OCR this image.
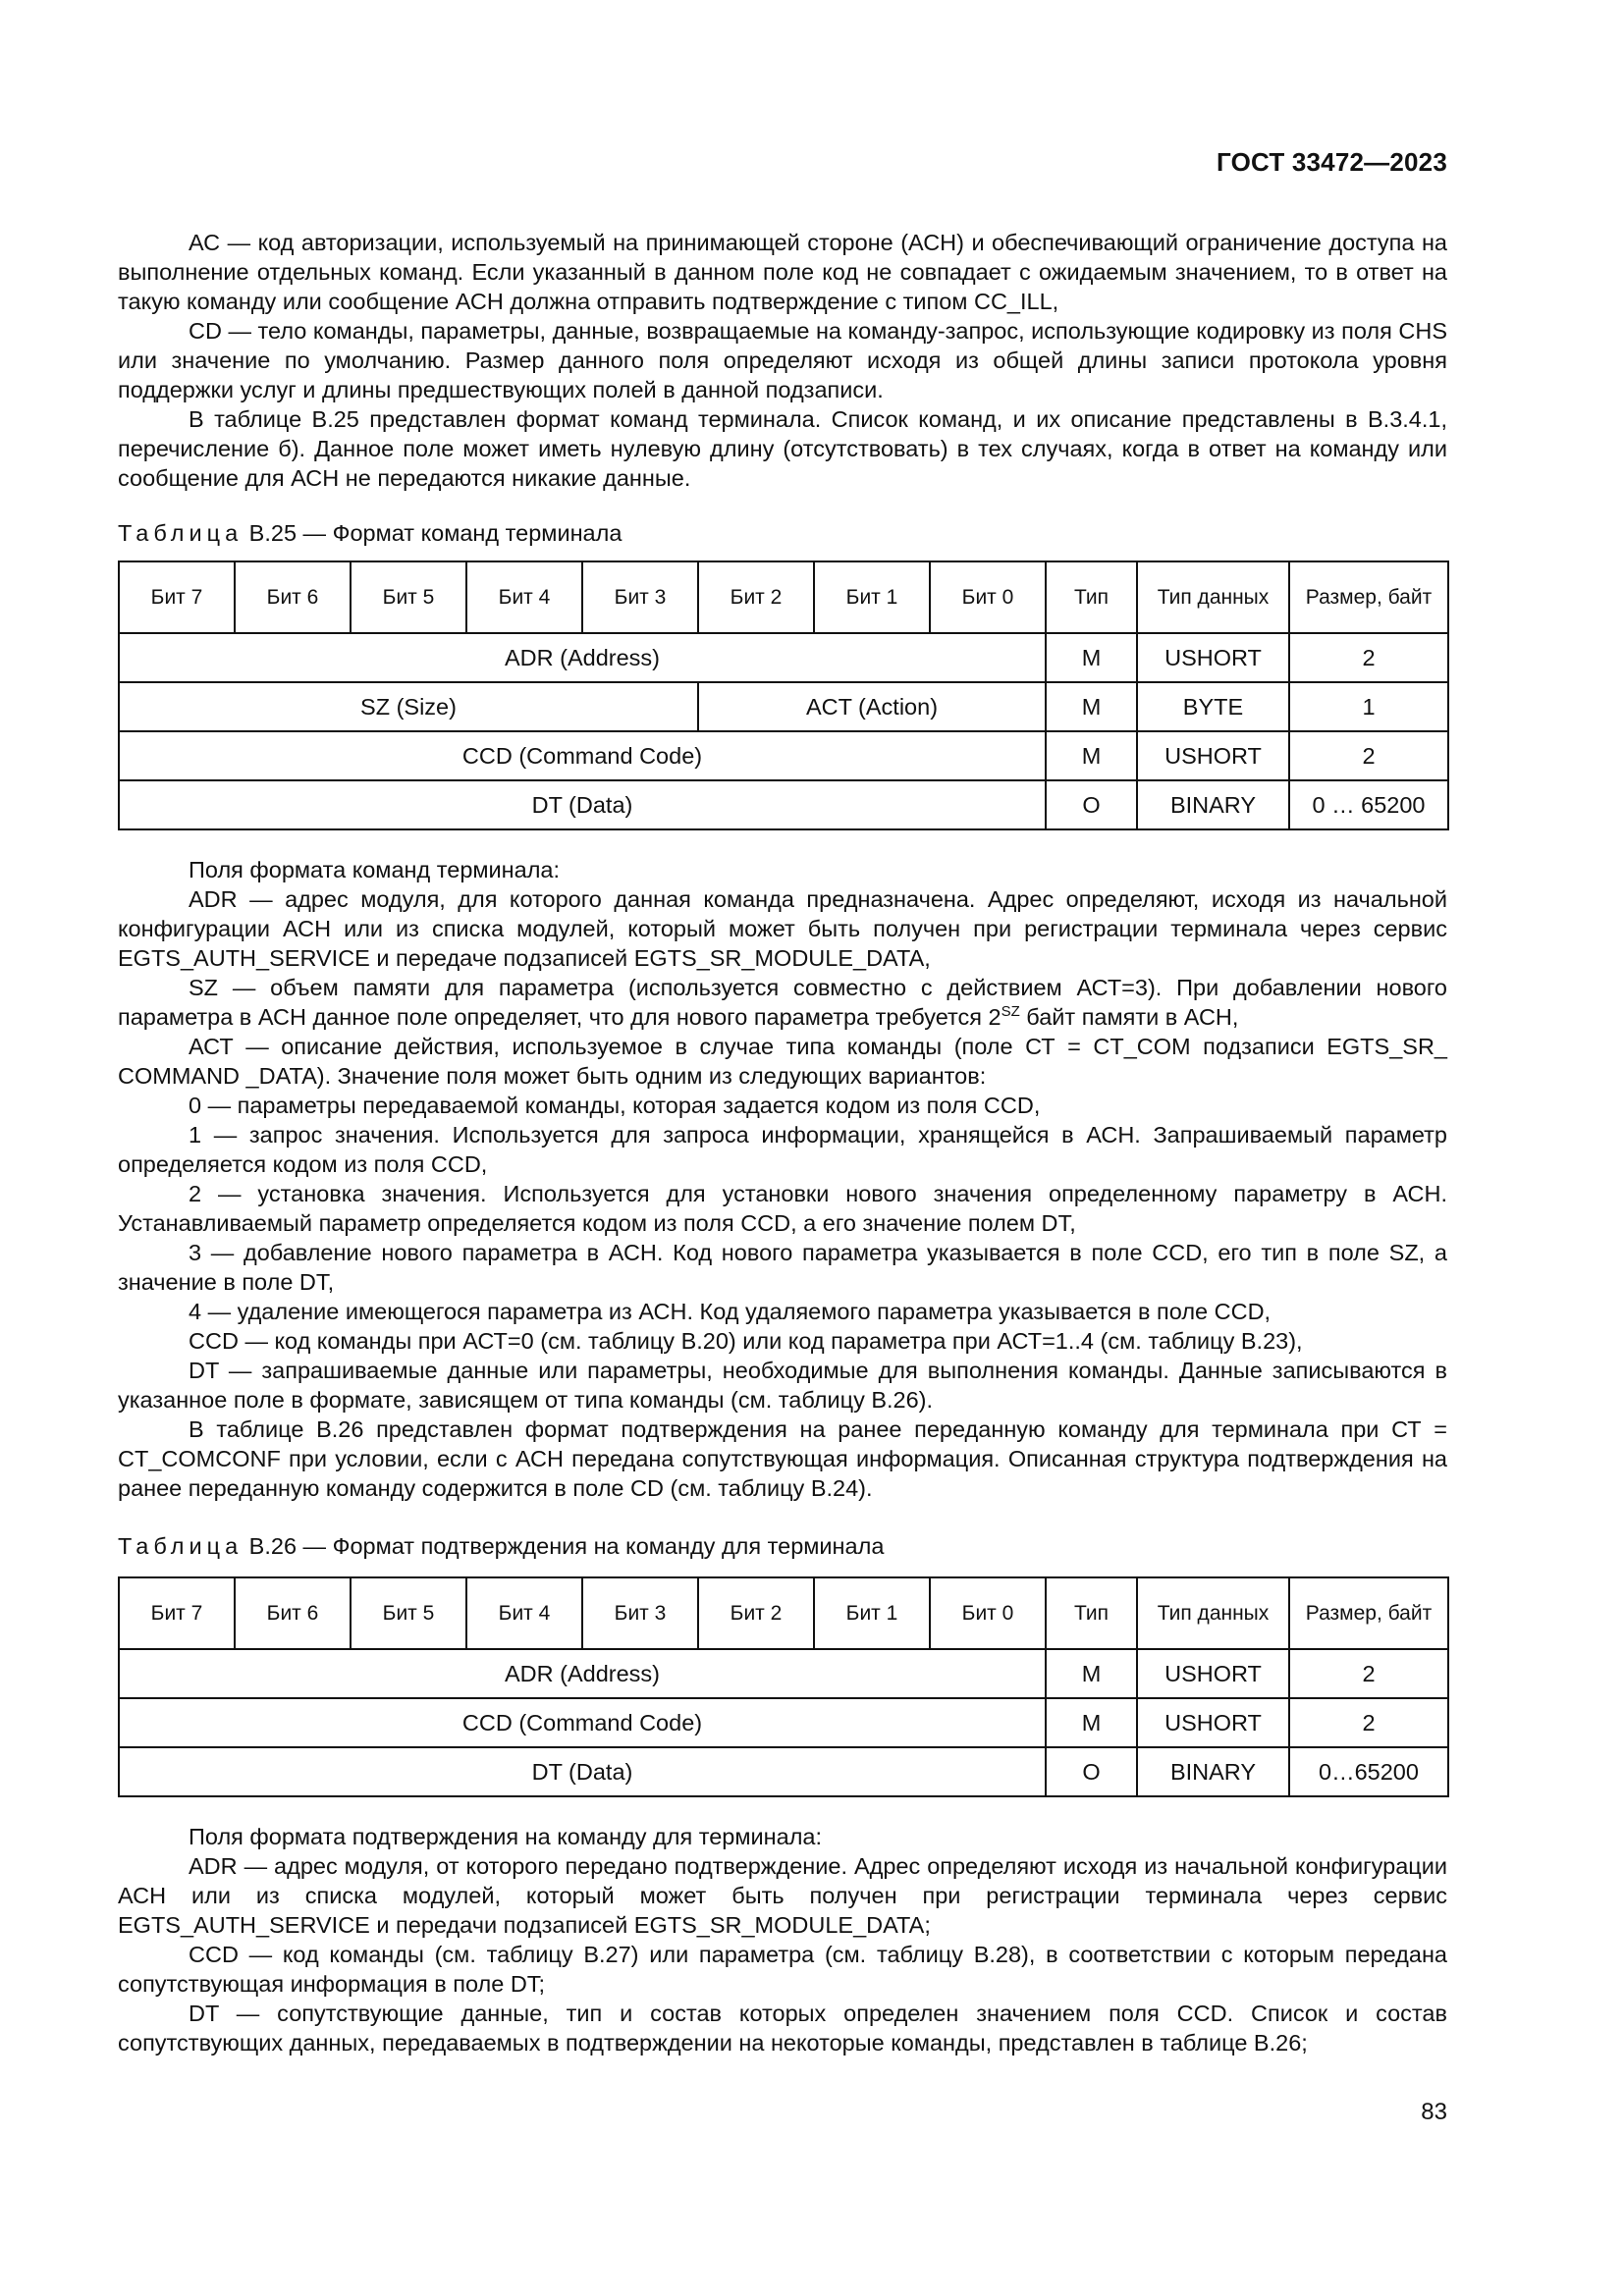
ГОСТ 33472—2023

АС — код авторизации, используемый на принимающей стороне (АСН) и обеспечивающий ограничение доступа на выполнение отдельных команд. Если указанный в данном поле код не совпадает с ожидаемым значением, то в ответ на такую команду или сообщение АСН должна отправить подтверждение с типом СС_ILL,

CD — тело команды, параметры, данные, возвращаемые на команду-запрос, использующие кодировку из поля CHS или значение по умолчанию. Размер данного поля определяют исходя из общей длины записи протокола уровня поддержки услуг и длины предшествующих полей в данной подзаписи.

В таблице В.25 представлен формат команд терминала. Список команд, и их описание представлены в В.3.4.1, перечисление б). Данное поле может иметь нулевую длину (отсутствовать) в тех случаях, когда в ответ на команду или сообщение для АСН не передаются никакие данные.

Таблица В.25 — Формат команд терминала
Бит 7	Бит 6	Бит 5	Бит 4	Бит 3	Бит 2	Бит 1	Бит 0	Тип	Тип данных	Размер, байт
ADR (Address)								M	USHORT	2
SZ (Size)					ACT (Action)			M	BYTE	1
CCD (Command Code)								M	USHORT	2
DT (Data)								O	BINARY	0 … 65200

Поля формата команд терминала:

ADR — адрес модуля, для которого данная команда предназначена. Адрес определяют, исходя из начальной конфигурации АСН или из списка модулей, который может быть получен при регистрации терминала через сервис EGTS_AUTH_SERVICE и передаче подзаписей EGTS_SR_MODULE_DATA,

SZ — объем памяти для параметра (используется совместно с действием АСТ=3). При добавлении нового параметра в АСН данное поле определяет, что для нового параметра требуется $2^{SZ}$ байт памяти в АСН,

АСТ — описание действия, используемое в случае типа команды (поле СТ = CT_COM подзаписи EGTS_SR_ COMMAND _DATA). Значение поля может быть одним из следующих вариантов:

0 — параметры передаваемой команды, которая задается кодом из поля CCD,

1 — запрос значения. Используется для запроса информации, хранящейся в АСН. Запрашиваемый параметр определяется кодом из поля CCD,

2 — установка значения. Используется для установки нового значения определенному параметру в АСН. Устанавливаемый параметр определяется кодом из поля CCD, а его значение полем DT,

3 — добавление нового параметра в АСН. Код нового параметра указывается в поле CCD, его тип в поле SZ, а значение в поле DT,

4 — удаление имеющегося параметра из АСН. Код удаляемого параметра указывается в поле CCD,

CCD — код команды при АСТ=0 (см. таблицу В.20) или код параметра при АСТ=1..4 (см. таблицу В.23),

DT — запрашиваемые данные или параметры, необходимые для выполнения команды. Данные записываются в указанное поле в формате, зависящем от типа команды (см. таблицу В.26).

В таблице В.26 представлен формат подтверждения на ранее переданную команду для терминала при СТ = CT_COMCONF при условии, если с АСН передана сопутствующая информация. Описанная структура подтверждения на ранее переданную команду содержится в поле CD (см. таблицу В.24).

Таблица В.26 — Формат подтверждения на команду для терминала
Бит 7	Бит 6	Бит 5	Бит 4	Бит 3	Бит 2	Бит 1	Бит 0	Тип	Тип данных	Размер, байт
ADR (Address)								M	USHORT	2
CCD (Command Code)								M	USHORT	2
DT (Data)								O	BINARY	0…65200

Поля формата подтверждения на команду для терминала:

ADR — адрес модуля, от которого передано подтверждение. Адрес определяют исходя из начальной конфигурации АСН или из списка модулей, который может быть получен при регистрации терминала через сервис EGTS_AUTH_SERVICE и передачи подзаписей EGTS_SR_MODULE_DATA;

CCD — код команды (см. таблицу В.27) или параметра (см. таблицу В.28), в соответствии с которым передана сопутствующая информация в поле DT;

DT — сопутствующие данные, тип и состав которых определен значением поля CCD. Список и состав сопутствующих данных, передаваемых в подтверждении на некоторые команды, представлен в таблице В.26;

83
